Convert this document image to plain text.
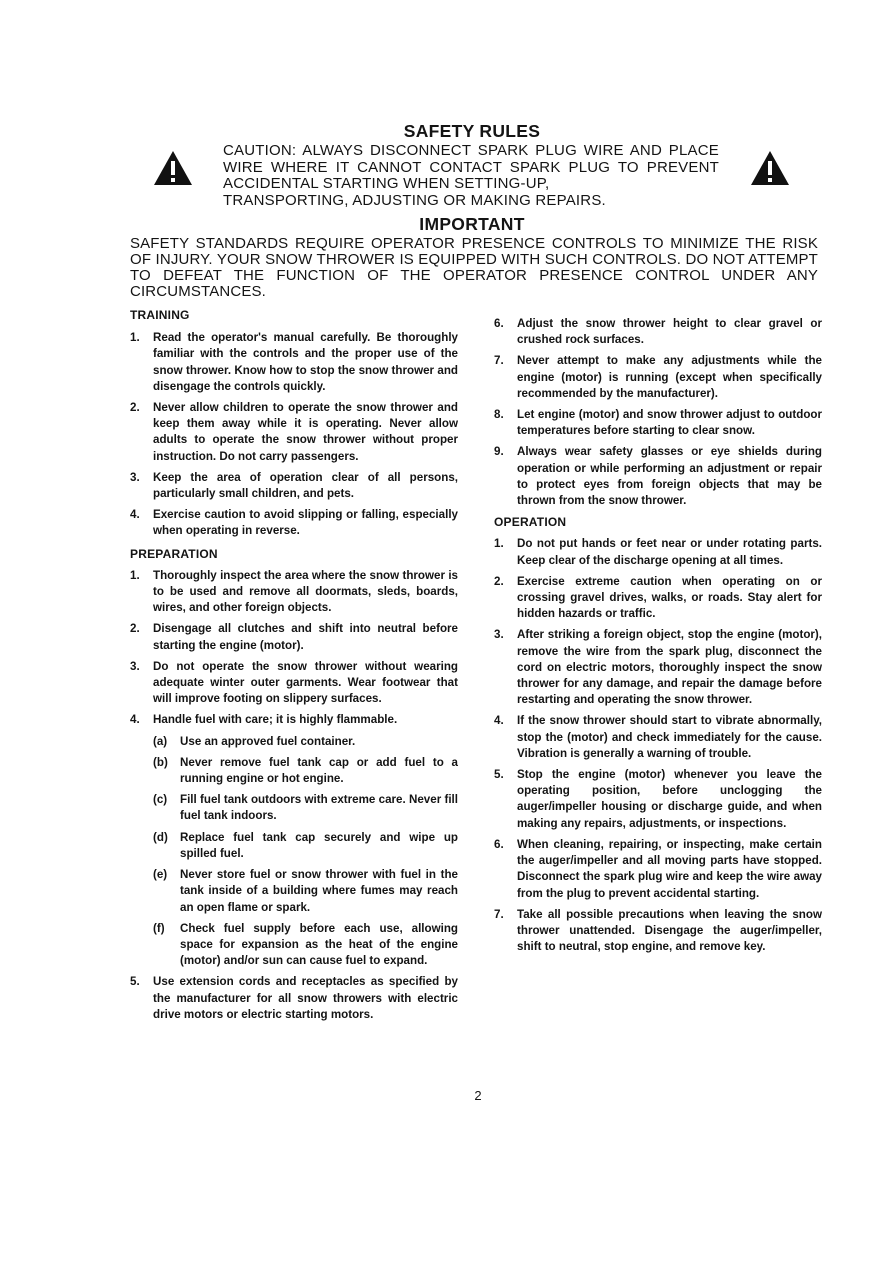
SAFETY RULES
CAUTION: ALWAYS DISCONNECT SPARK PLUG WIRE AND PLACE WIRE WHERE IT CANNOT CONTACT SPARK PLUG TO PREVENT ACCIDENTAL STARTING WHEN SETTING-UP,
TRANSPORTING, ADJUSTING OR MAKING REPAIRS.
IMPORTANT
SAFETY STANDARDS REQUIRE OPERATOR PRESENCE CONTROLS TO MINIMIZE THE RISK OF INJURY. YOUR SNOW THROWER IS EQUIPPED WITH SUCH CONTROLS. DO NOT ATTEMPT TO DEFEAT THE FUNCTION OF THE OPERATOR PRESENCE CONTROL UNDER ANY CIRCUMSTANCES.
TRAINING
1. Read the operator's manual carefully. Be thoroughly familiar with the controls and the proper use of the snow thrower. Know how to stop the snow thrower and disengage the controls quickly.
2. Never allow children to operate the snow thrower and keep them away while it is operating. Never allow adults to operate the snow thrower without proper instruction. Do not carry passengers.
3. Keep the area of operation clear of all persons, particularly small children, and pets.
4. Exercise caution to avoid slipping or falling, especially when operating in reverse.
PREPARATION
1. Thoroughly inspect the area where the snow thrower is to be used and remove all doormats, sleds, boards, wires, and other foreign objects.
2. Disengage all clutches and shift into neutral before starting the engine (motor).
3. Do not operate the snow thrower without wearing adequate winter outer garments. Wear footwear that will improve footing on slippery surfaces.
4. Handle fuel with care; it is highly flammable.
(a) Use an approved fuel container.
(b) Never remove fuel tank cap or add fuel to a running engine or hot engine.
(c) Fill fuel tank outdoors with extreme care. Never fill fuel tank indoors.
(d) Replace fuel tank cap securely and wipe up spilled fuel.
(e) Never store fuel or snow thrower with fuel in the tank inside of a building where fumes may reach an open flame or spark.
(f) Check fuel supply before each use, allowing space for expansion as the heat of the engine (motor) and/or sun can cause fuel to expand.
5. Use extension cords and receptacles as specified by the manufacturer for all snow throwers with electric drive motors or electric starting motors.
6. Adjust the snow thrower height to clear gravel or crushed rock surfaces.
7. Never attempt to make any adjustments while the engine (motor) is running (except when specifically recommended by the manufacturer).
8. Let engine (motor) and snow thrower adjust to outdoor temperatures before starting to clear snow.
9. Always wear safety glasses or eye shields during operation or while performing an adjustment or repair to protect eyes from foreign objects that may be thrown from the snow thrower.
OPERATION
1. Do not put hands or feet near or under rotating parts. Keep clear of the discharge opening at all times.
2. Exercise extreme caution when operating on or crossing gravel drives, walks, or roads. Stay alert for hidden hazards or traffic.
3. After striking a foreign object, stop the engine (motor), remove the wire from the spark plug, disconnect the cord on electric motors, thoroughly inspect the snow thrower for any damage, and repair the damage before restarting and operating the snow thrower.
4. If the snow thrower should start to vibrate abnormally, stop the (motor) and check immediately for the cause. Vibration is generally a warning of trouble.
5. Stop the engine (motor) whenever you leave the operating position, before unclogging the auger/impeller housing or discharge guide, and when making any repairs, adjustments, or inspections.
6. When cleaning, repairing, or inspecting, make certain the auger/impeller and all moving parts have stopped. Disconnect the spark plug wire and keep the wire away from the plug to prevent accidental starting.
7. Take all possible precautions when leaving the snow thrower unattended. Disengage the auger/impeller, shift to neutral, stop engine, and remove key.
2
